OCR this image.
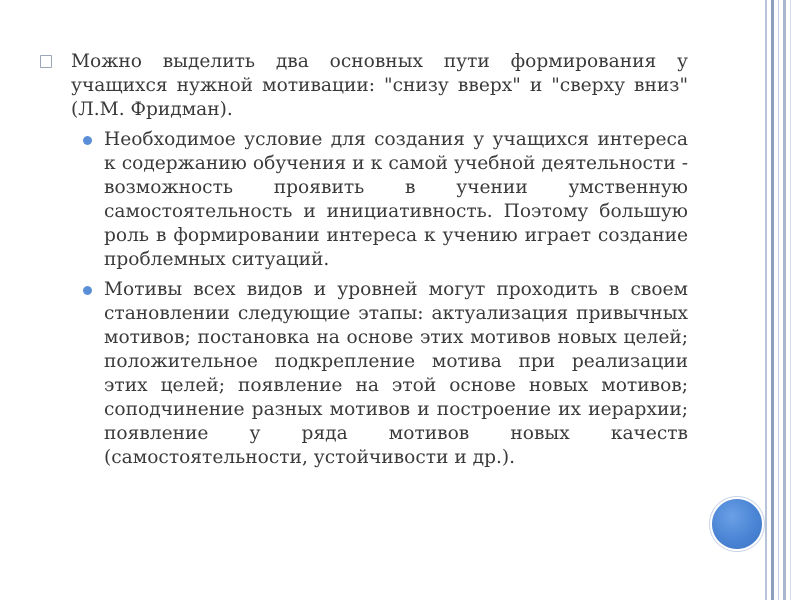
Можно выделить два основных пути формирования у учащихся нужной мотивации: "снизу вверх" и "сверху вниз" (Л.М. Фридман).
Необходимое условие для создания у учащихся интереса к содержанию обучения и к самой учебной деятельности - возможность проявить в учении умственную самостоятельность и инициативность. Поэтому большую роль в формировании интереса к учению играет создание проблемных ситуаций.
Мотивы всех видов и уровней могут проходить в своем становлении следующие этапы: актуализация привычных мотивов; постановка на основе этих мотивов новых целей; положительное подкрепление мотива при реализации этих целей; появление на этой основе новых мотивов; соподчинение разных мотивов и построение их иерархии; появление у ряда мотивов новых качеств (самостоятельности, устойчивости и др.).
